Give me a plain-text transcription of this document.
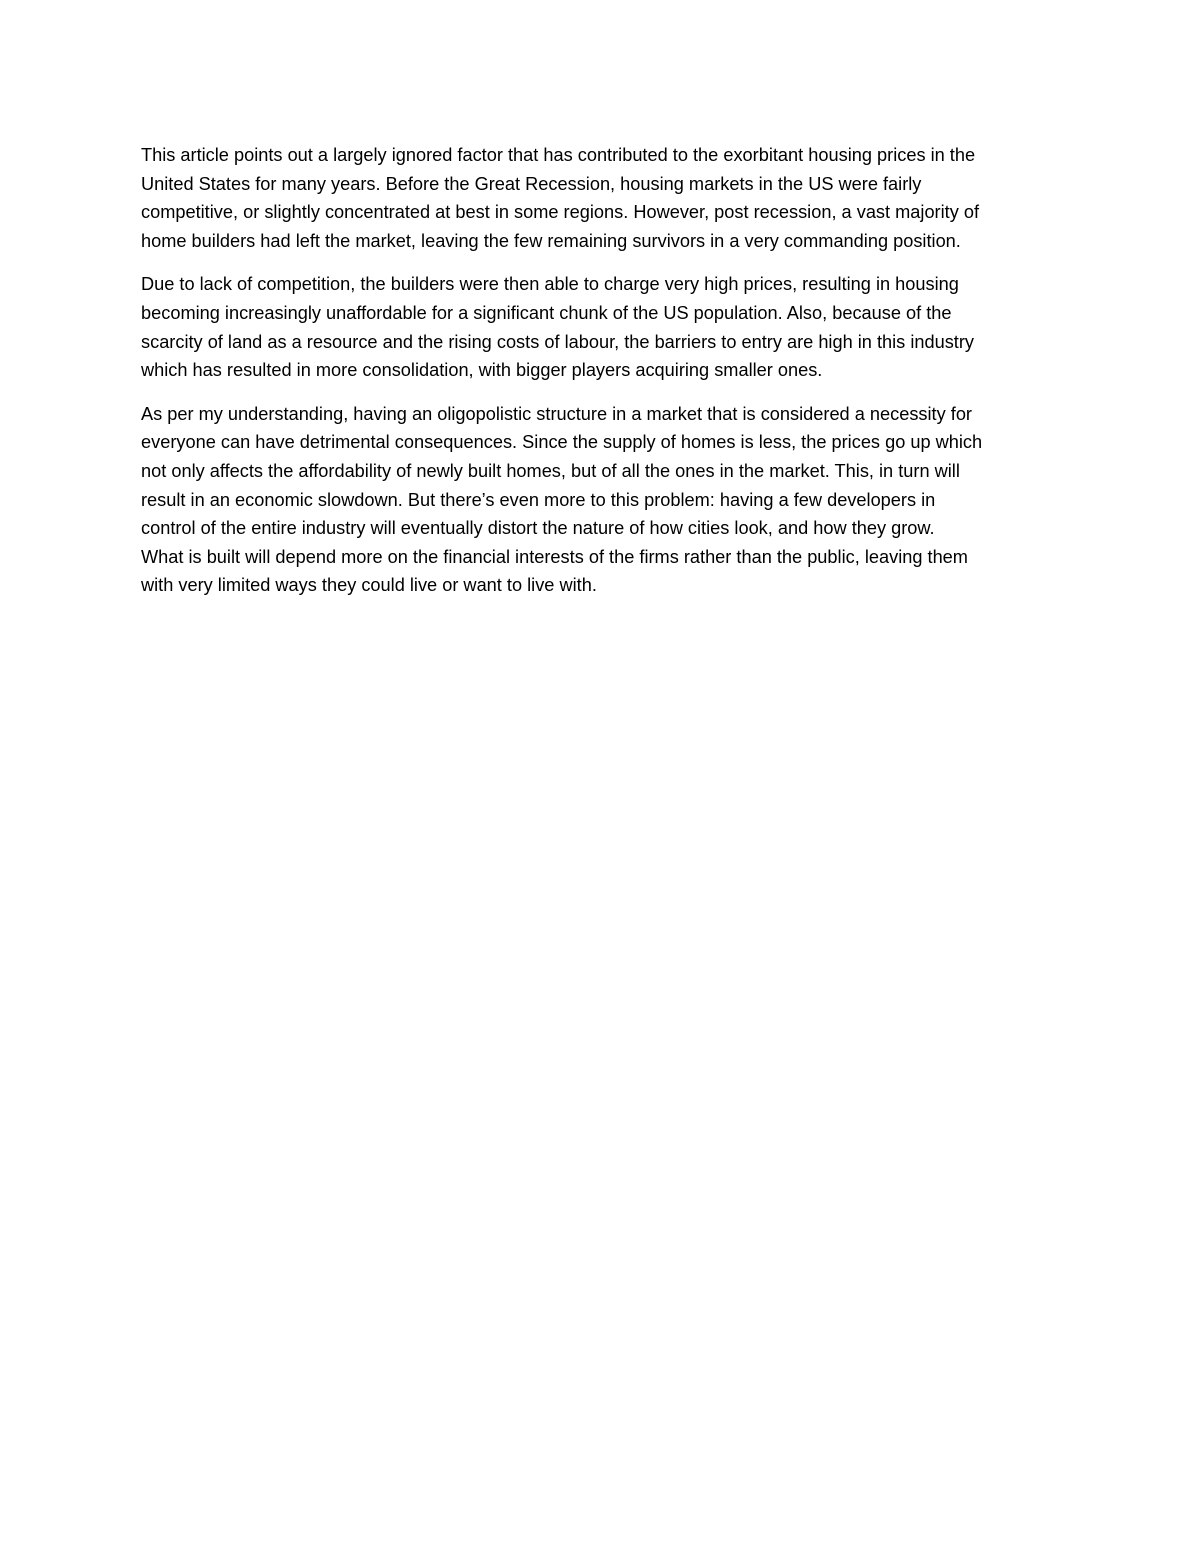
This article points out a largely ignored factor that has contributed to the exorbitant housing prices in the
United States for many years. Before the Great Recession, housing markets in the US were fairly
competitive, or slightly concentrated at best in some regions. However, post recession, a vast majority of
home builders had left the market, leaving the few remaining survivors in a very commanding position.
Due to lack of competition, the builders were then able to charge very high prices, resulting in housing
becoming increasingly unaffordable for a significant chunk of the US population. Also, because of the
scarcity of land as a resource and the rising costs of labour, the barriers to entry are high in this industry
which has resulted in more consolidation, with bigger players acquiring smaller ones.
As per my understanding, having an oligopolistic structure in a market that is considered a necessity for
everyone can have detrimental consequences. Since the supply of homes is less, the prices go up which
not only affects the affordability of newly built homes, but of all the ones in the market. This, in turn will
result in an economic slowdown. But there’s even more to this problem: having a few developers in
control of the entire industry will eventually distort the nature of how cities look, and how they grow.
What is built will depend more on the financial interests of the firms rather than the public, leaving them
with very limited ways they could live or want to live with.
